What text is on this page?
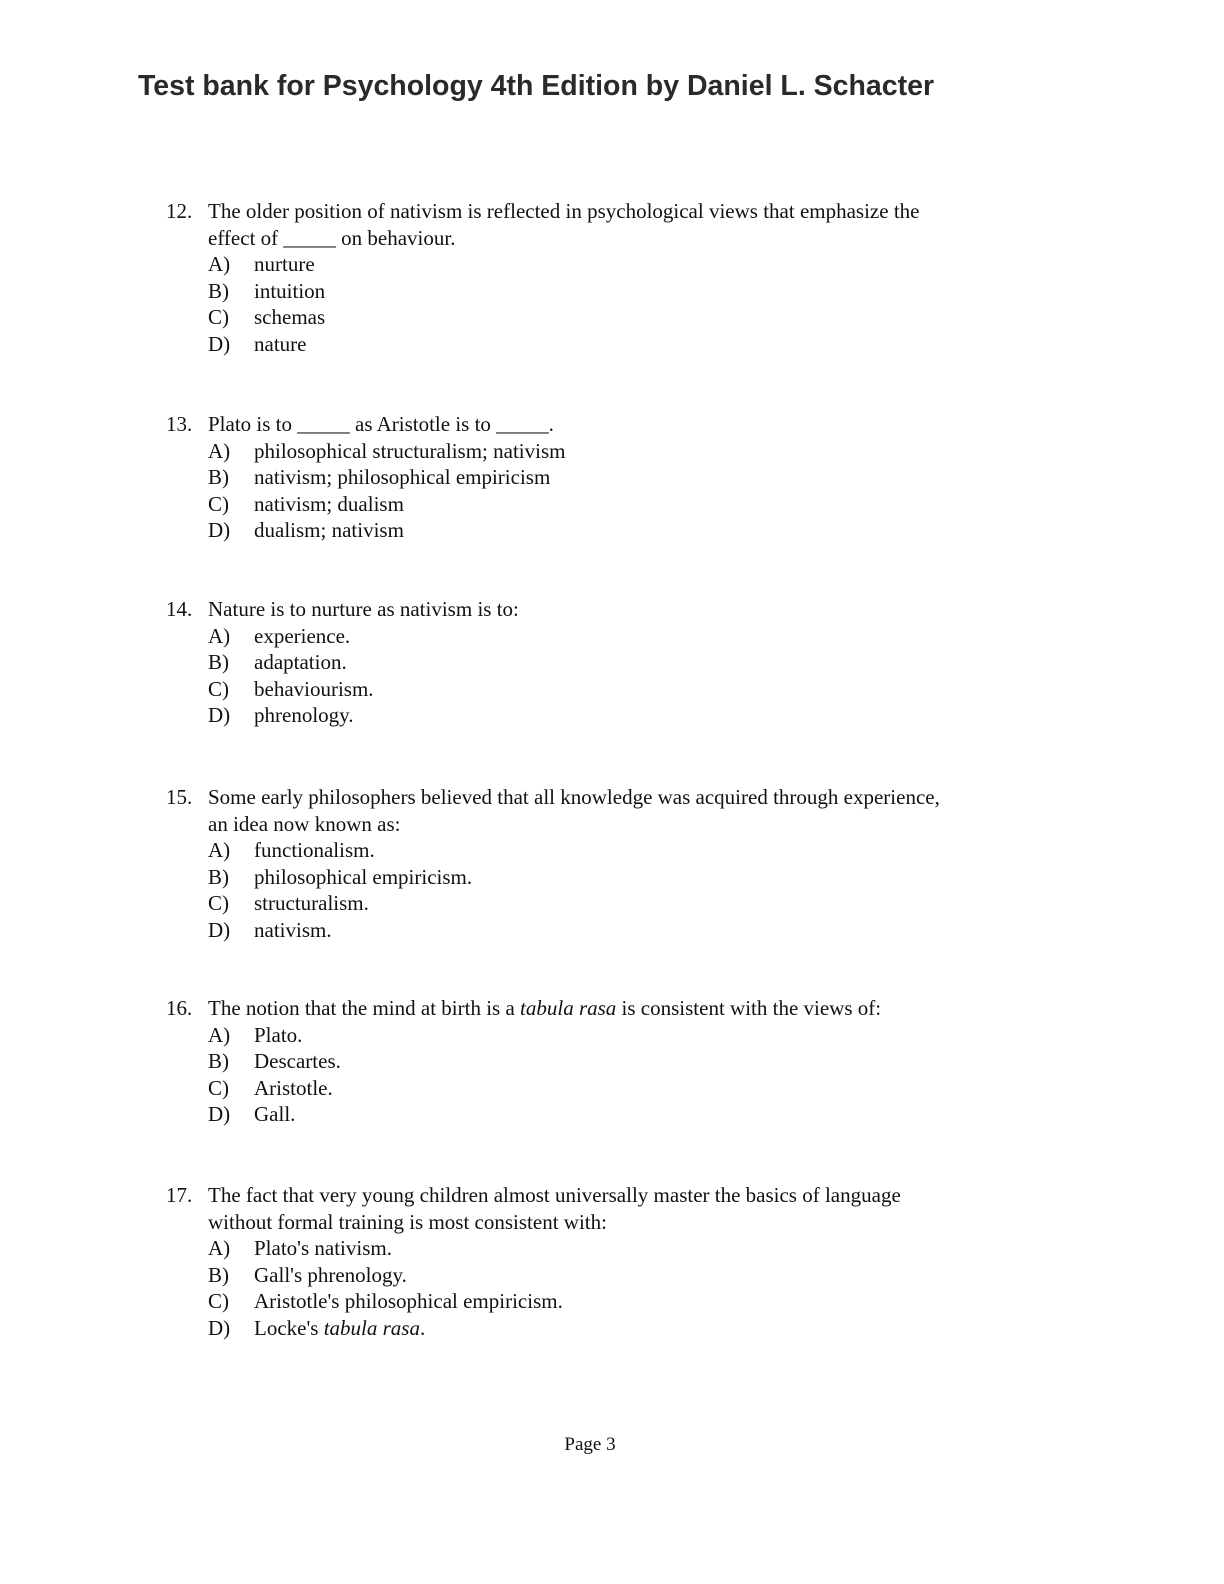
Test bank for Psychology 4th Edition by Daniel L. Schacter
12. The older position of nativism is reflected in psychological views that emphasize the
effect of _____ on behaviour.
A)	nurture
B)	intuition
C)	schemas
D)	nature
13. Plato is to _____ as Aristotle is to _____.
A)	philosophical structuralism; nativism
B)	nativism; philosophical empiricism
C)	nativism; dualism
D)	dualism; nativism
14. Nature is to nurture as nativism is to:
A)	experience.
B)	adaptation.
C)	behaviourism.
D)	phrenology.
15. Some early philosophers believed that all knowledge was acquired through experience,
an idea now known as:
A)	functionalism.
B)	philosophical empiricism.
C)	structuralism.
D)	nativism.
16. The notion that the mind at birth is a tabula rasa is consistent with the views of:
A)	Plato.
B)	Descartes.
C)	Aristotle.
D)	Gall.
17. The fact that very young children almost universally master the basics of language
without formal training is most consistent with:
A)	Plato's nativism.
B)	Gall's phrenology.
C)	Aristotle's philosophical empiricism.
D)	Locke's tabula rasa.
Page 3
